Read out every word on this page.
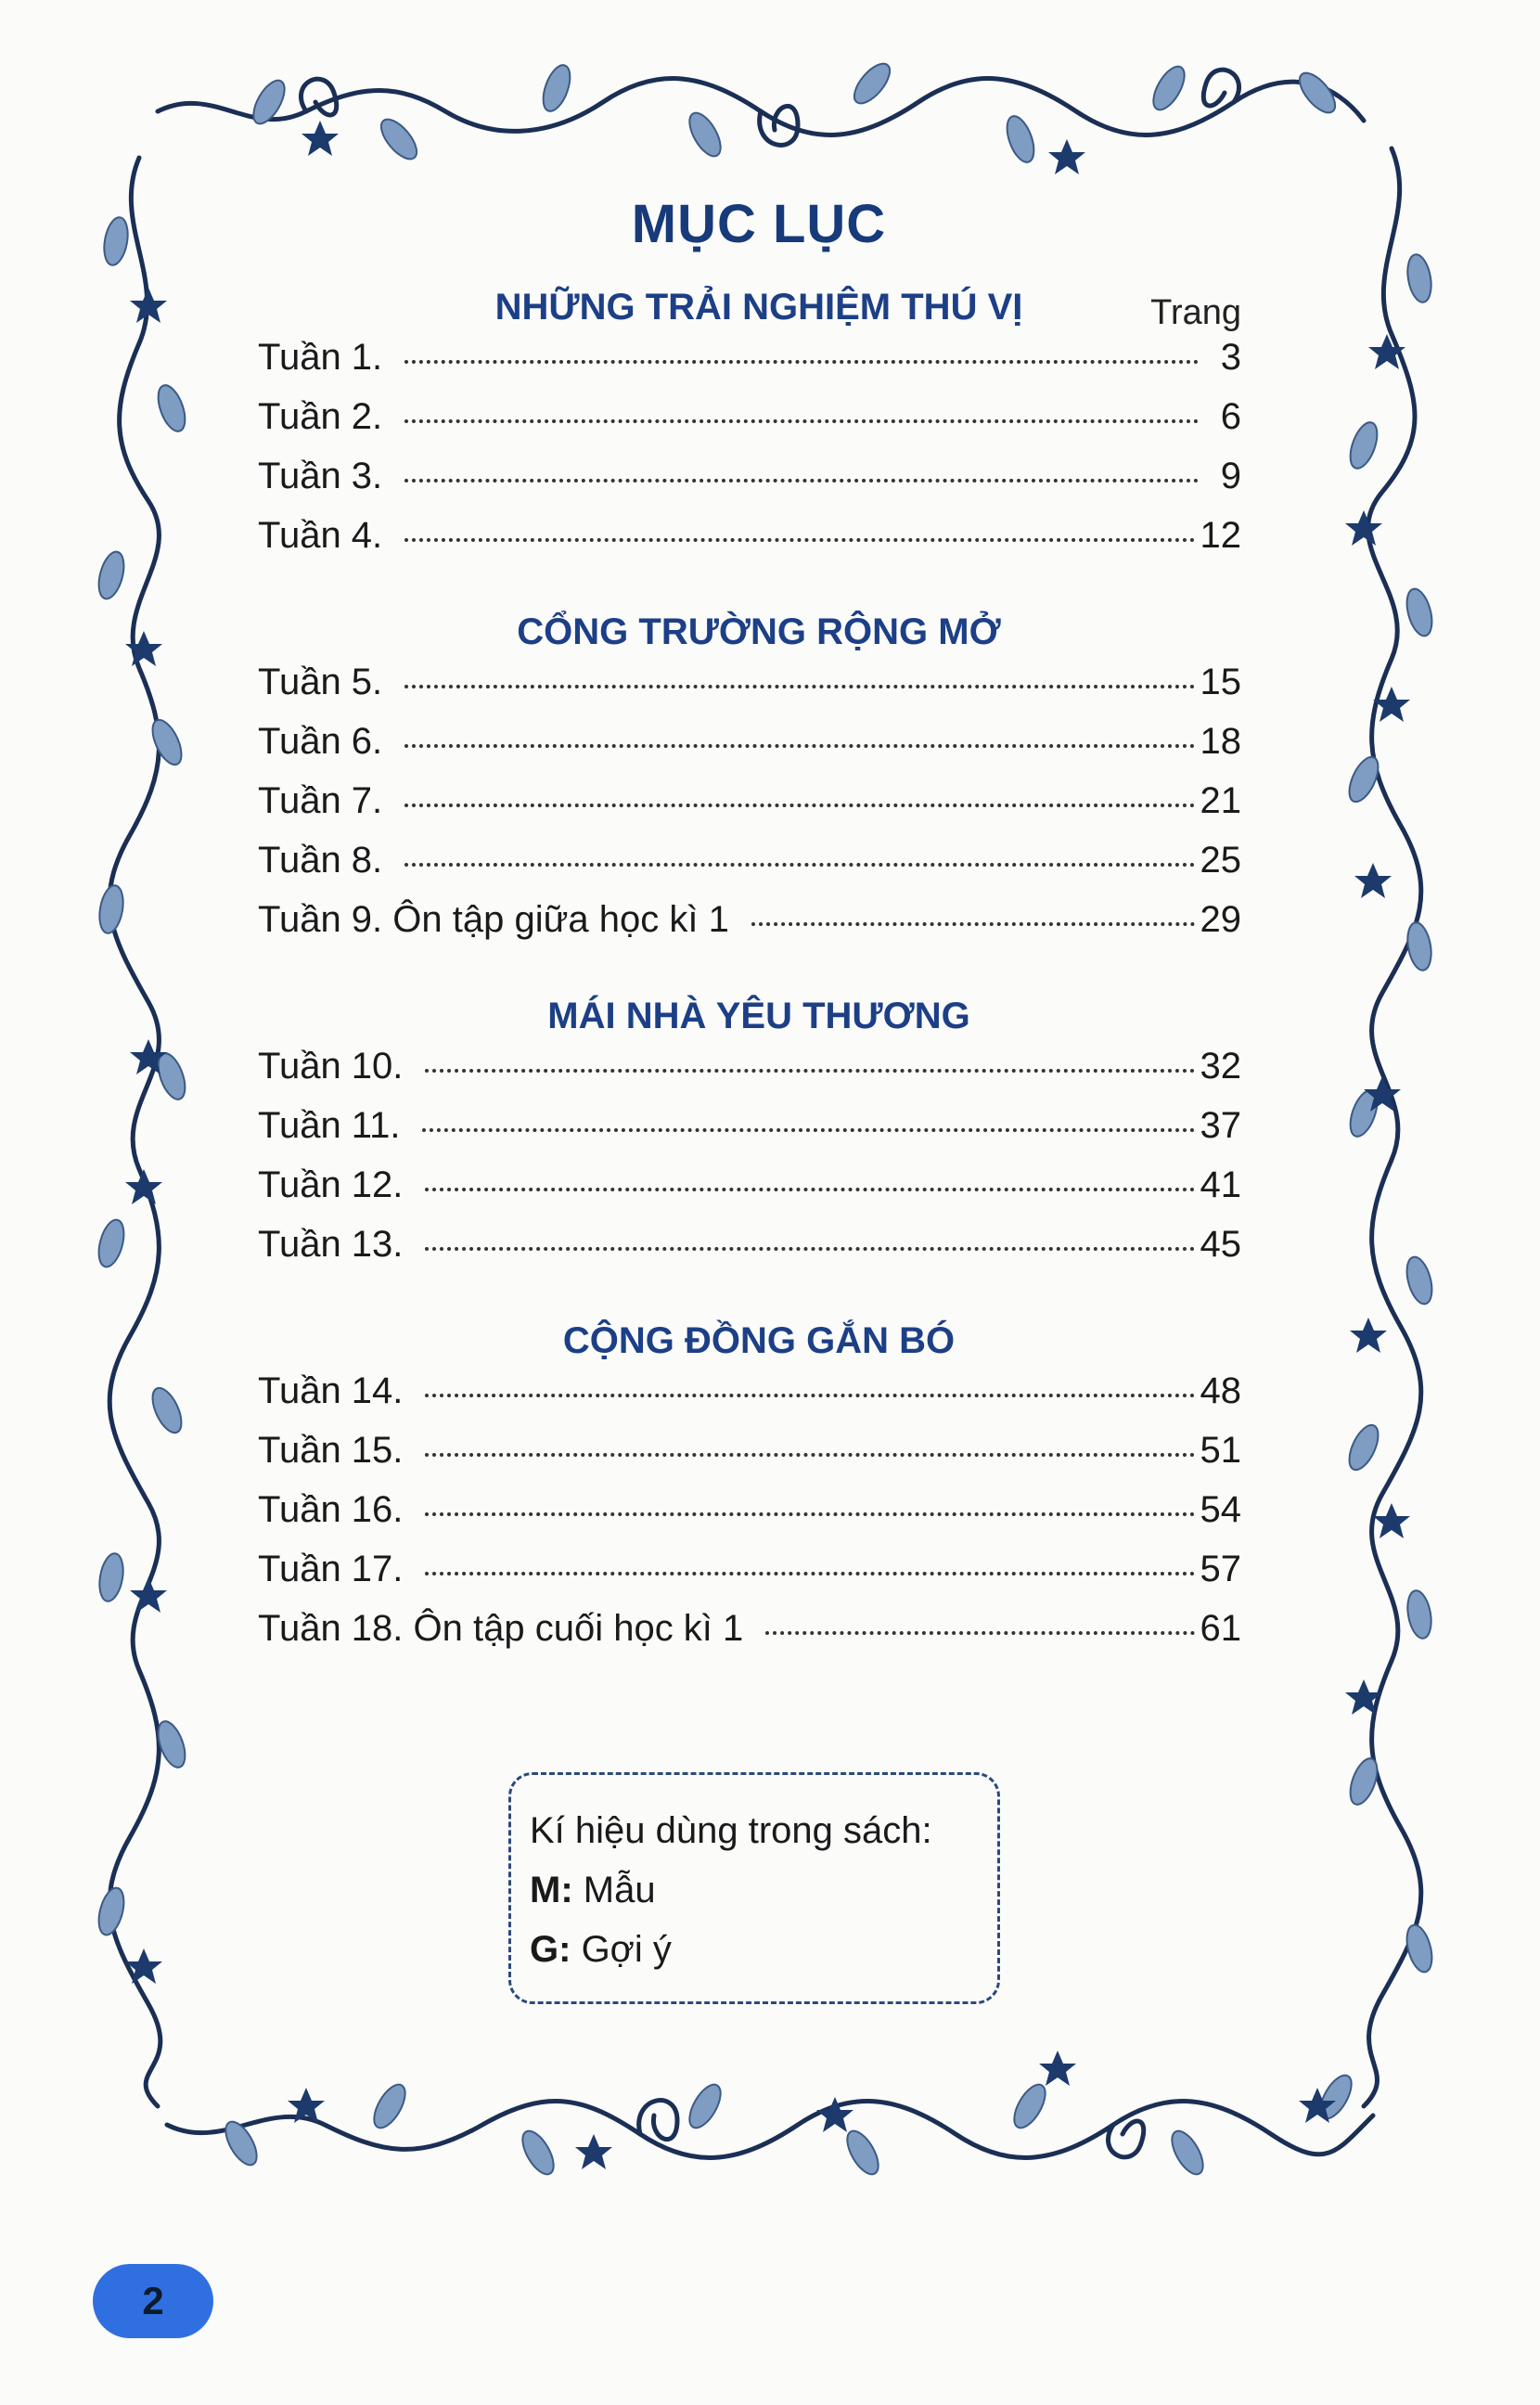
MỤC LỤC
NHỮNG TRẢI NGHIỆM THÚ VỊ	Trang
Tuần 1.	3
Tuần 2.	6
Tuần 3.	9
Tuần 4.	12
CỔNG TRƯỜNG RỘNG MỞ
Tuần 5.	15
Tuần 6.	18
Tuần 7.	21
Tuần 8.	25
Tuần 9. Ôn tập giữa học kì 1	29
MÁI NHÀ YÊU THƯƠNG
Tuần 10.	32
Tuần 11.	37
Tuần 12.	41
Tuần 13.	45
CỘNG ĐỒNG GẮN BÓ
Tuần 14.	48
Tuần 15.	51
Tuần 16.	54
Tuần 17.	57
Tuần 18. Ôn tập cuối học kì 1	61
Kí hiệu dùng trong sách:
M: Mẫu
G: Gợi ý
2
